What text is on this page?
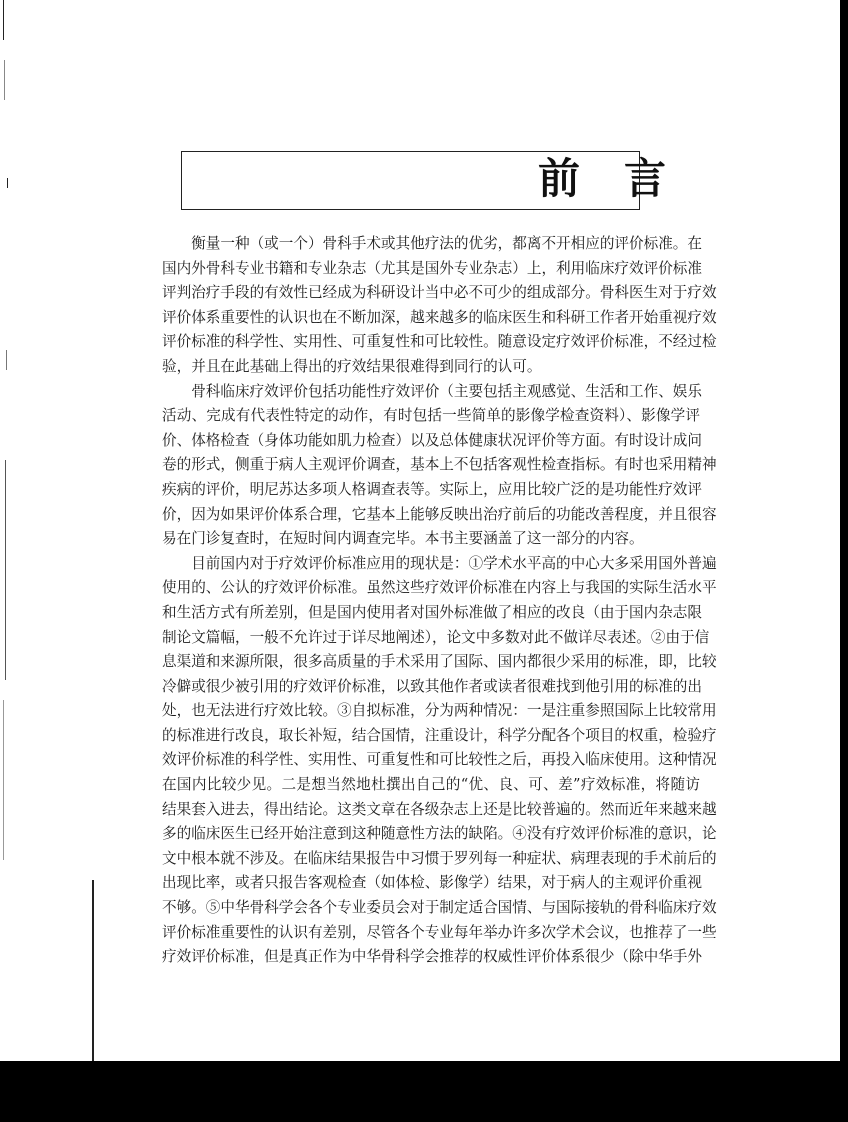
前 言
衡量一种（或一个）骨科手术或其他疗法的优劣，都离不开相应的评价标准。在
国内外骨科专业书籍和专业杂志（尤其是国外专业杂志）上，利用临床疗效评价标准
评判治疗手段的有效性已经成为科研设计当中必不可少的组成部分。骨科医生对于疗效
评价体系重要性的认识也在不断加深，越来越多的临床医生和科研工作者开始重视疗效
评价标准的科学性、实用性、可重复性和可比较性。随意设定疗效评价标准，不经过检
验，并且在此基础上得出的疗效结果很难得到同行的认可。
骨科临床疗效评价包括功能性疗效评价（主要包括主观感觉、生活和工作、娱乐
活动、完成有代表性特定的动作，有时包括一些简单的影像学检查资料）、影像学评
价、体格检查（身体功能如肌力检查）以及总体健康状况评价等方面。有时设计成问
卷的形式，侧重于病人主观评价调查，基本上不包括客观性检查指标。有时也采用精神
疾病的评价，明尼苏达多项人格调查表等。实际上，应用比较广泛的是功能性疗效评
价，因为如果评价体系合理，它基本上能够反映出治疗前后的功能改善程度，并且很容
易在门诊复查时，在短时间内调查完毕。本书主要涵盖了这一部分的内容。
目前国内对于疗效评价标准应用的现状是：①学术水平高的中心大多采用国外普遍
使用的、公认的疗效评价标准。虽然这些疗效评价标准在内容上与我国的实际生活水平
和生活方式有所差别，但是国内使用者对国外标准做了相应的改良（由于国内杂志限
制论文篇幅，一般不允许过于详尽地阐述），论文中多数对此不做详尽表述。②由于信
息渠道和来源所限，很多高质量的手术采用了国际、国内都很少采用的标准，即，比较
冷僻或很少被引用的疗效评价标准，以致其他作者或读者很难找到他引用的标准的出
处，也无法进行疗效比较。③自拟标准，分为两种情况：一是注重参照国际上比较常用
的标准进行改良，取长补短，结合国情，注重设计，科学分配各个项目的权重，检验疗
效评价标准的科学性、实用性、可重复性和可比较性之后，再投入临床使用。这种情况
在国内比较少见。二是想当然地杜撰出自己的“优、良、可、差”疗效标准，将随访
结果套入进去，得出结论。这类文章在各级杂志上还是比较普遍的。然而近年来越来越
多的临床医生已经开始注意到这种随意性方法的缺陷。④没有疗效评价标准的意识，论
文中根本就不涉及。在临床结果报告中习惯于罗列每一种症状、病理表现的手术前后的
出现比率，或者只报告客观检查（如体检、影像学）结果，对于病人的主观评价重视
不够。⑤中华骨科学会各个专业委员会对于制定适合国情、与国际接轨的骨科临床疗效
评价标准重要性的认识有差别，尽管各个专业每年举办许多次学术会议，也推荐了一些
疗效评价标准，但是真正作为中华骨科学会推荐的权威性评价体系很少（除中华手外
